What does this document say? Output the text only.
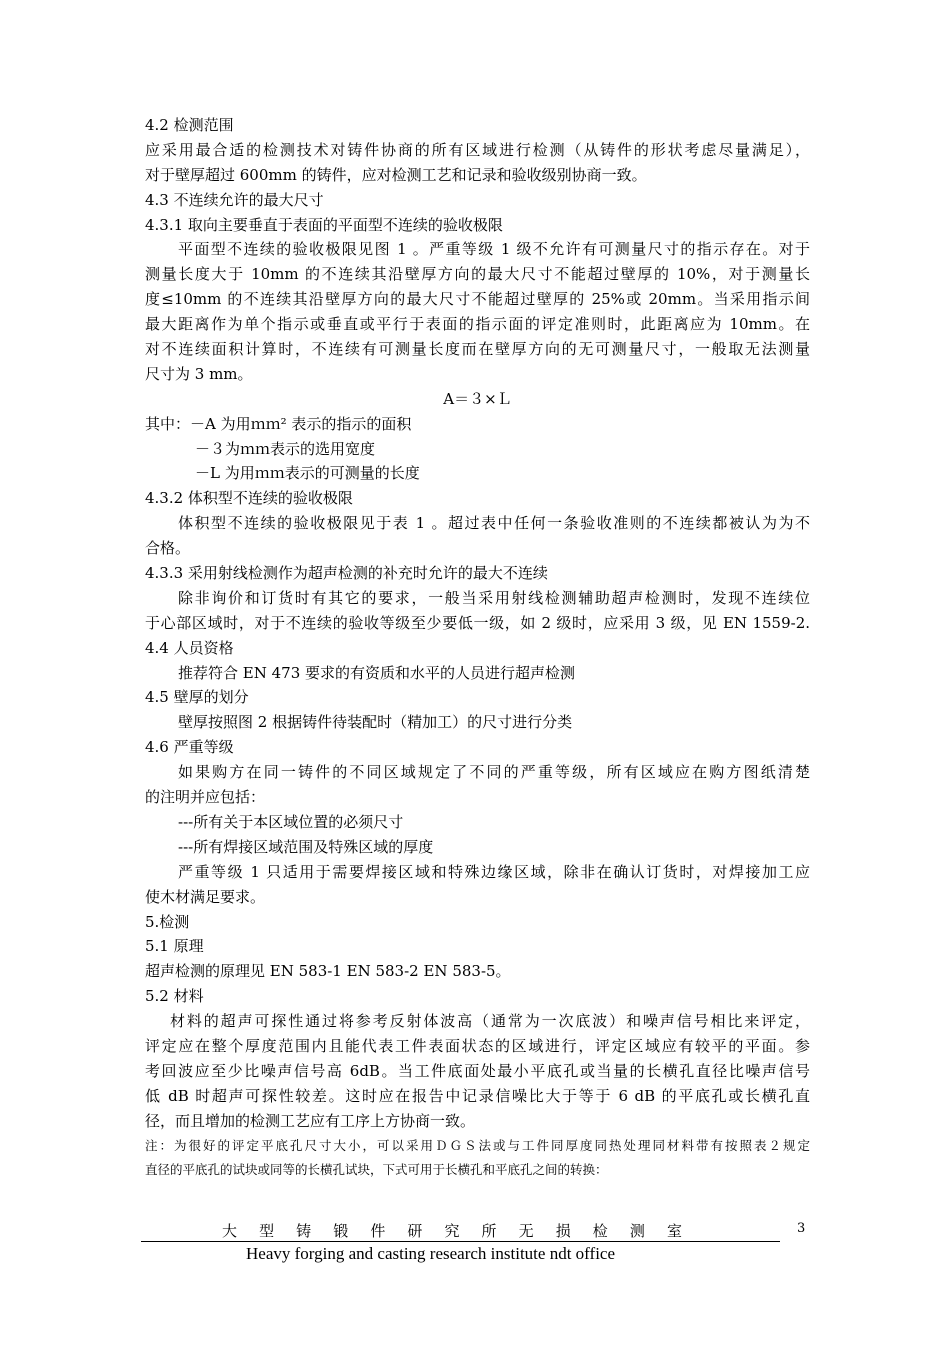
4.2 检测范围
应采用最合适的检测技术对铸件协商的所有区域进行检测（从铸件的形状考虑尽量满足），
对于壁厚超过 600mm 的铸件，应对检测工艺和记录和验收级别协商一致。
4.3 不连续允许的最大尺寸
4.3.1 取向主要垂直于表面的平面型不连续的验收极限
平面型不连续的验收极限见图 1 。严重等级 1 级不允许有可测量尺寸的指示存在。对于
测量长度大于 10mm 的不连续其沿壁厚方向的最大尺寸不能超过壁厚的 10%，对于测量长
度≤10mm 的不连续其沿壁厚方向的最大尺寸不能超过壁厚的 25%或 20mm。当采用指示间
最大距离作为单个指示或垂直或平行于表面的指示面的评定准则时，此距离应为 10mm。在
对不连续面积计算时，不连续有可测量长度而在壁厚方向的无可测量尺寸，一般取无法测量
尺寸为 3 mm。
A＝３×Ｌ
其中：－A 为用ｍｍ² 表示的指示的面积
－３为ｍｍ表示的选用宽度
－L 为用ｍｍ表示的可测量的长度
4.3.2 体积型不连续的验收极限
体积型不连续的验收极限见于表 1 。超过表中任何一条验收准则的不连续都被认为为不
合格。
4.3.3 采用射线检测作为超声检测的补充时允许的最大不连续
除非询价和订货时有其它的要求，一般当采用射线检测辅助超声检测时，发现不连续位
于心部区域时，对于不连续的验收等级至少要低一级，如 2 级时，应采用 3 级，见 EN 1559-2.
4.4 人员资格
推荐符合 EN 473 要求的有资质和水平的人员进行超声检测
4.5 壁厚的划分
壁厚按照图 2 根据铸件待装配时（精加工）的尺寸进行分类
4.6 严重等级
如果购方在同一铸件的不同区域规定了不同的严重等级，所有区域应在购方图纸清楚
的注明并应包括：
---所有关于本区域位置的必须尺寸
---所有焊接区域范围及特殊区域的厚度
严重等级 1 只适用于需要焊接区域和特殊边缘区域，除非在确认订货时，对焊接加工应
使木材满足要求。
5.检测
5.1 原理
超声检测的原理见 EN 583-1 EN 583-2 EN 583-5。
5.2 材料
材料的超声可探性通过将参考反射体波高（通常为一次底波）和噪声信号相比来评定，
评定应在整个厚度范围内且能代表工件表面状态的区域进行，评定区域应有较平的平面。参
考回波应至少比噪声信号高 6dB。当工件底面处最小平底孔或当量的长横孔直径比噪声信号
低 dB 时超声可探性较差。这时应在报告中记录信噪比大于等于 6 dB 的平底孔或长横孔直
径，而且增加的检测工艺应有工序上方协商一致。
注：为很好的评定平底孔尺寸大小，可以采用ＤＧＳ法或与工件同厚度同热处理同材料带有按照表２规定
直径的平底孔的试块或同等的长横孔试块，下式可用于长横孔和平底孔之间的转换：
大 型 铸 锻 件 研 究 所 无 损 检 测 室	3
Heavy forging and casting research institute ndt office
